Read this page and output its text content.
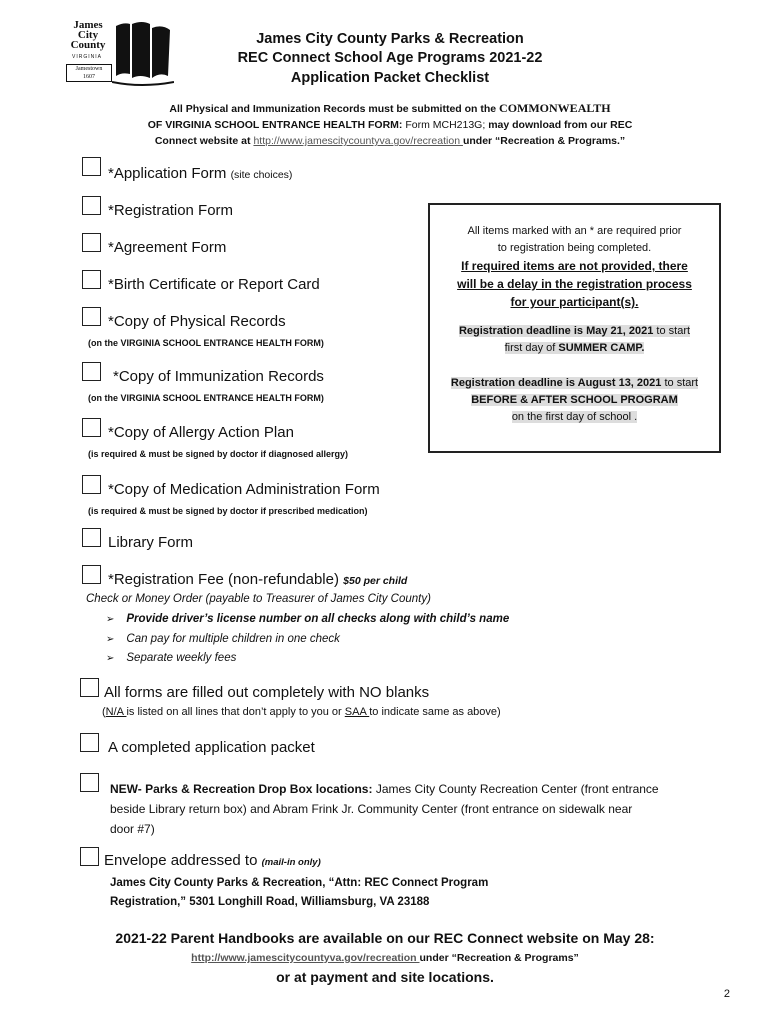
James
City
County
VIRGINIA
Jamestown
1607
James City County Parks & Recreation
REC Connect School Age Programs 2021-22
Application Packet Checklist
All Physical and Immunization Records must be submitted on the COMMONWEALTH
OF VIRGINIA SCHOOL ENTRANCE HEALTH FORM: Form MCH213G; may download from our REC
Connect website at http://www.jamescitycountyva.gov/recreation under “Recreation & Programs.”
*Application Form (site choices)
*Registration Form
*Agreement Form
*Birth Certificate or Report Card
*Copy of Physical Records
(on the VIRGINIA SCHOOL ENTRANCE HEALTH FORM)
*Copy of Immunization Records
(on the VIRGINIA SCHOOL ENTRANCE HEALTH FORM)
*Copy of Allergy Action Plan
(is required & must be signed by doctor if diagnosed allergy)
*Copy of Medication Administration Form
(is required & must be signed by doctor if prescribed medication)
Library Form
*Registration Fee (non-refundable) $50 per child
Check or Money Order (payable to Treasurer of James City County)
➢ Provide driver’s license number on all checks along with child’s name
➢ Can pay for multiple children in one check
➢ Separate weekly fees
All forms are filled out completely with NO blanks
(N/A is listed on all lines that don’t apply to you or SAA to indicate same as above)
A completed application packet
NEW- Parks & Recreation Drop Box locations: James City County Recreation Center (front entrance
beside Library return box) and Abram Frink Jr. Community Center (front entrance on sidewalk near
door #7)
Envelope addressed to (mail-in only)
James City County Parks & Recreation, “Attn: REC Connect Program
Registration,” 5301 Longhill Road, Williamsburg, VA 23188

All items marked with an * are required prior

to registration being completed.

If required items are not provided, there

will be a delay in the registration process

for your participant(s).

Registration deadline is May 21, 2021 to start

first day of SUMMER CAMP.

Registration deadline is August 13, 2021 to start

BEFORE & AFTER SCHOOL PROGRAM

on the first day of school .

2021-22 Parent Handbooks are available on our REC Connect website on May 28:
http://www.jamescitycountyva.gov/recreation under “Recreation & Programs”
or at payment and site locations.
2
